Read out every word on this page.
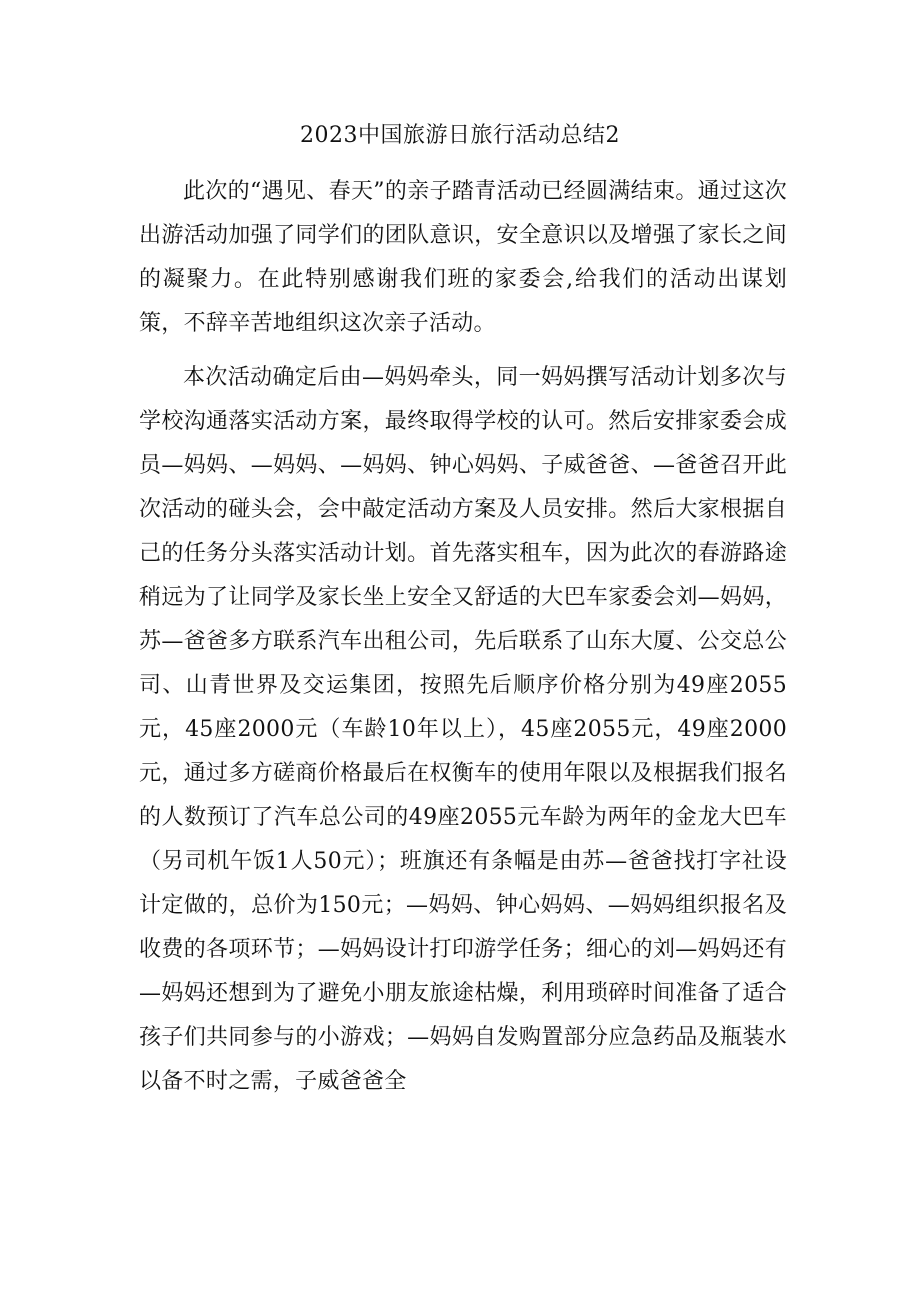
2023中国旅游日旅行活动总结2

此次的“遇见、春天”的亲子踏青活动已经圆满结束。通过这次出游活动加强了同学们的团队意识，安全意识以及增强了家长之间的凝聚力。在此特别感谢我们班的家委会,给我们的活动出谋划策，不辞辛苦地组织这次亲子活动。

本次活动确定后由—妈妈牵头，同一妈妈撰写活动计划多次与学校沟通落实活动方案，最终取得学校的认可。然后安排家委会成员—妈妈、—妈妈、—妈妈、钟心妈妈、子威爸爸、—爸爸召开此次活动的碰头会，会中敲定活动方案及人员安排。然后大家根据自己的任务分头落实活动计划。首先落实租车，因为此次的春游路途稍远为了让同学及家长坐上安全又舒适的大巴车家委会刘—妈妈，苏—爸爸多方联系汽车出租公司，先后联系了山东大厦、公交总公司、山青世界及交运集团，按照先后顺序价格分别为49座2055元，45座2000元（车龄10年以上），45座2055元，49座2000元，通过多方磋商价格最后在权衡车的使用年限以及根据我们报名的人数预订了汽车总公司的49座2055元车龄为两年的金龙大巴车（另司机午饭1人50元）；班旗还有条幅是由苏—爸爸找打字社设计定做的，总价为150元；—妈妈、钟心妈妈、—妈妈组织报名及收费的各项环节；—妈妈设计打印游学任务；细心的刘—妈妈还有—妈妈还想到为了避免小朋友旅途枯燥，利用琐碎时间准备了适合孩子们共同参与的小游戏；—妈妈自发购置部分应急药品及瓶装水以备不时之需，子威爸爸全
